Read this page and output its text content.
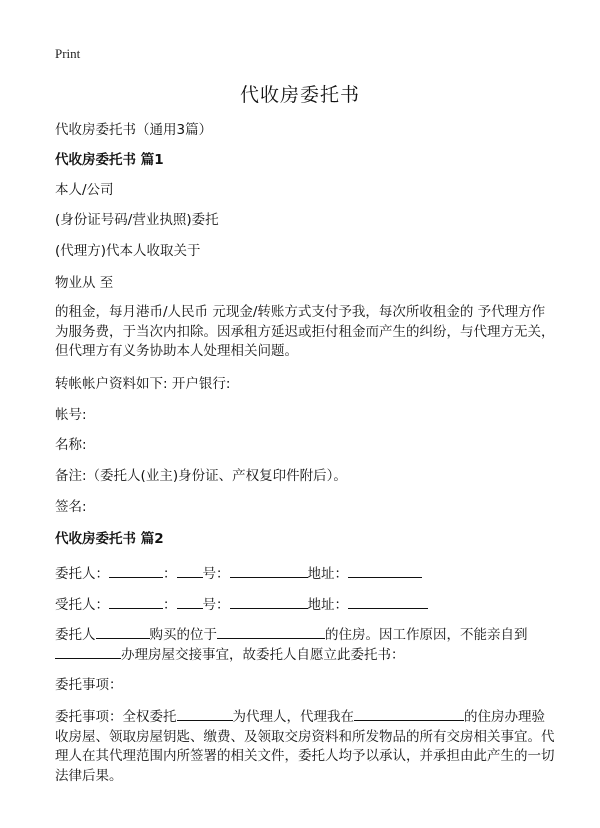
Print
代收房委托书

代收房委托书（通用3篇）

代收房委托书 篇1

本人/公司

(身份证号码/营业执照)委托

(代理方)代本人收取关于

物业从 至

的租金，每月港币/人民币 元现金/转账方式支付予我，每次所收租金的 予代理方作为服务费，于当次内扣除。因承租方延迟或拒付租金而产生的纠纷，与代理方无关，但代理方有义务协助本人处理相关问题。

转帐帐户资料如下: 开户银行:

帐号:

名称:

备注:（委托人(业主)身份证、产权复印件附后）。

签名:

代收房委托书 篇2

委托人：	： 号：	地址：

受托人：	： 号：	地址：

委托人	购买的位于	的住房。因工作原因，不能亲自到

办理房屋交接事宜，故委托人自愿立此委托书：

委托事项：

委托事项：全权委托	为代理人，代理我在	的住房办理验收房屋、领取房屋钥匙、缴费、及领取交房资料和所发物品的所有交房相关事宜。代理人在其代理范围内所签署的相关文件，委托人均予以承认，并承担由此产生的一切法律后果。
